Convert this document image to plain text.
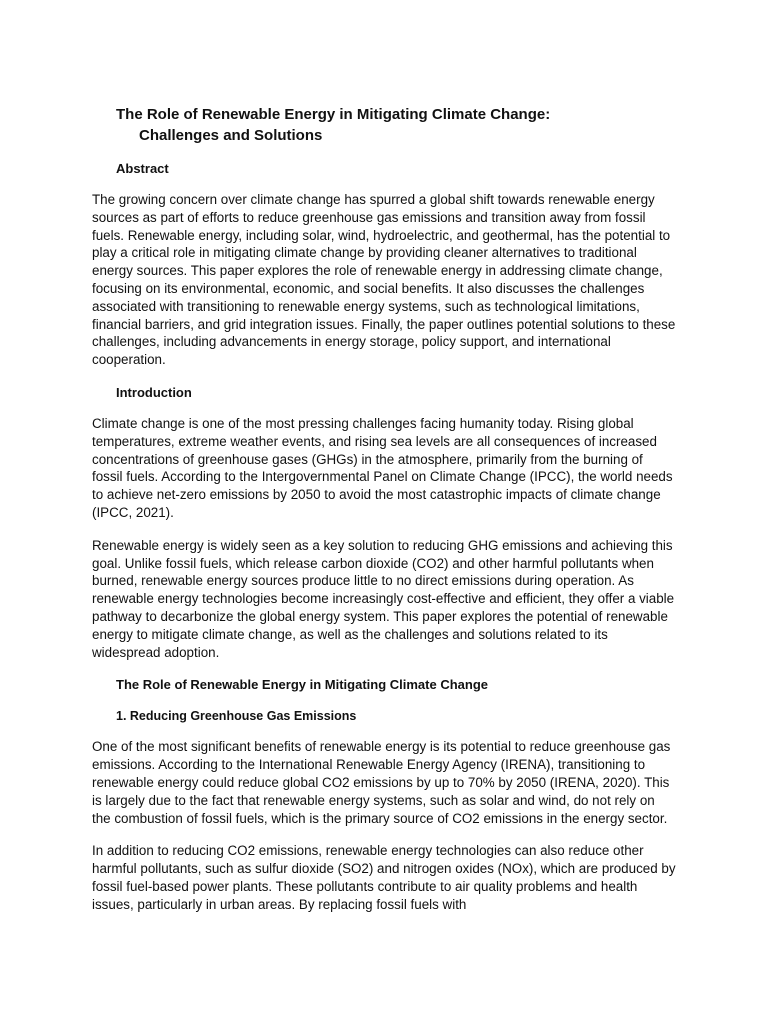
The Role of Renewable Energy in Mitigating Climate Change:
Challenges and Solutions
Abstract

The growing concern over climate change has spurred a global shift towards renewable energy sources as part of efforts to reduce greenhouse gas emissions and transition away from fossil fuels. Renewable energy, including solar, wind, hydroelectric, and geothermal, has the potential to play a critical role in mitigating climate change by providing cleaner alternatives to traditional energy sources. This paper explores the role of renewable energy in addressing climate change, focusing on its environmental, economic, and social benefits. It also discusses the challenges associated with transitioning to renewable energy systems, such as technological limitations, financial barriers, and grid integration issues. Finally, the paper outlines potential solutions to these challenges, including advancements in energy storage, policy support, and international cooperation.

Introduction

Climate change is one of the most pressing challenges facing humanity today. Rising global temperatures, extreme weather events, and rising sea levels are all consequences of increased concentrations of greenhouse gases (GHGs) in the atmosphere, primarily from the burning of fossil fuels. According to the Intergovernmental Panel on Climate Change (IPCC), the world needs to achieve net-zero emissions by 2050 to avoid the most catastrophic impacts of climate change (IPCC, 2021).

Renewable energy is widely seen as a key solution to reducing GHG emissions and achieving this goal. Unlike fossil fuels, which release carbon dioxide (CO2) and other harmful pollutants when burned, renewable energy sources produce little to no direct emissions during operation. As renewable energy technologies become increasingly cost-effective and efficient, they offer a viable pathway to decarbonize the global energy system. This paper explores the potential of renewable energy to mitigate climate change, as well as the challenges and solutions related to its widespread adoption.

The Role of Renewable Energy in Mitigating Climate Change
1. Reducing Greenhouse Gas Emissions

One of the most significant benefits of renewable energy is its potential to reduce greenhouse gas emissions. According to the International Renewable Energy Agency (IRENA), transitioning to renewable energy could reduce global CO2 emissions by up to 70% by 2050 (IRENA, 2020). This is largely due to the fact that renewable energy systems, such as solar and wind, do not rely on the combustion of fossil fuels, which is the primary source of CO2 emissions in the energy sector.

In addition to reducing CO2 emissions, renewable energy technologies can also reduce other harmful pollutants, such as sulfur dioxide (SO2) and nitrogen oxides (NOx), which are produced by fossil fuel-based power plants. These pollutants contribute to air quality problems and health issues, particularly in urban areas. By replacing fossil fuels with
